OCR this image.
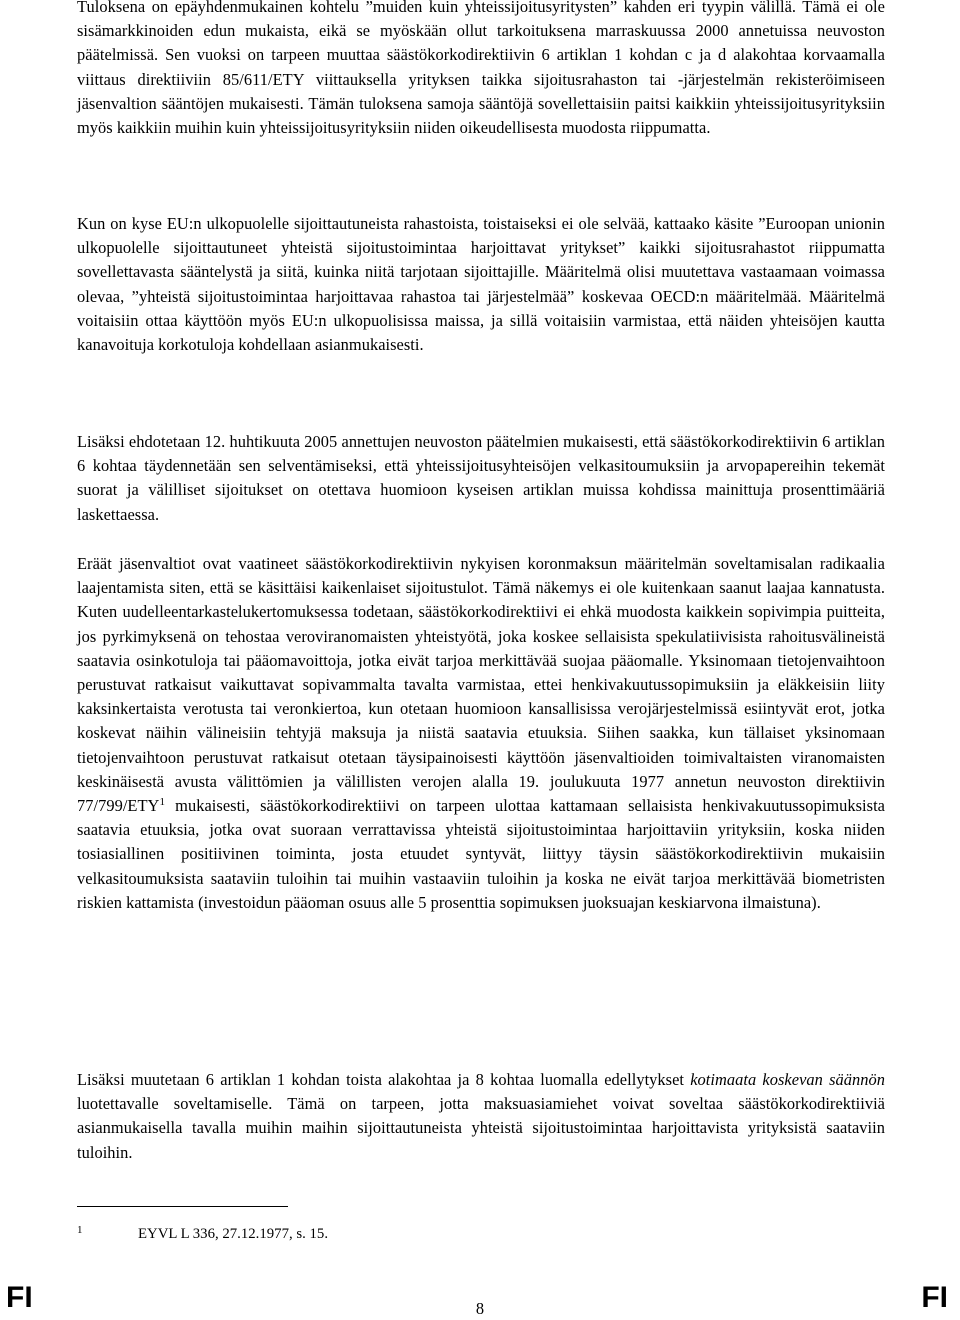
Tuloksena on epäyhdenmukainen kohtelu ”muiden kuin yhteissijoitusyritysten” kahden eri tyypin välillä. Tämä ei ole sisämarkkinoiden edun mukaista, eikä se myöskään ollut tarkoituksena marraskuussa 2000 annetuissa neuvoston päätelmissä. Sen vuoksi on tarpeen muuttaa säästökorkodirektiivin 6 artiklan 1 kohdan c ja d alakohtaa korvaamalla viittaus direktiiviin 85/611/ETY viittauksella yrityksen taikka sijoitusrahaston tai -järjestelmän rekisteröimiseen jäsenvaltion sääntöjen mukaisesti. Tämän tuloksena samoja sääntöjä sovellettaisiin paitsi kaikkiin yhteissijoitusyrityksiin myös kaikkiin muihin kuin yhteissijoitusyrityksiin niiden oikeudellisesta muodosta riippumatta.

Kun on kyse EU:n ulkopuolelle sijoittautuneista rahastoista, toistaiseksi ei ole selvää, kattaako käsite ”Euroopan unionin ulkopuolelle sijoittautuneet yhteistä sijoitustoimintaa harjoittavat yritykset” kaikki sijoitusrahastot riippumatta sovellettavasta sääntelystä ja siitä, kuinka niitä tarjotaan sijoittajille. Määritelmä olisi muutettava vastaamaan voimassa olevaa, ”yhteistä sijoitustoimintaa harjoittavaa rahastoa tai järjestelmää” koskevaa OECD:n määritelmää. Määritelmä voitaisiin ottaa käyttöön myös EU:n ulkopuolisissa maissa, ja sillä voitaisiin varmistaa, että näiden yhteisöjen kautta kanavoituja korkotuloja kohdellaan asianmukaisesti.

Lisäksi ehdotetaan 12. huhtikuuta 2005 annettujen neuvoston päätelmien mukaisesti, että säästökorkodirektiivin 6 artiklan 6 kohtaa täydennetään sen selventämiseksi, että yhteissijoitusyhteisöjen velkasitoumuksiin ja arvopapereihin tekemät suorat ja välilliset sijoitukset on otettava huomioon kyseisen artiklan muissa kohdissa mainittuja prosenttimääriä laskettaessa.

Eräät jäsenvaltiot ovat vaatineet säästökorkodirektiivin nykyisen koronmaksun määritelmän soveltamisalan radikaalia laajentamista siten, että se käsittäisi kaikenlaiset sijoitustulot. Tämä näkemys ei ole kuitenkaan saanut laajaa kannatusta. Kuten uudelleentarkastelukertomuksessa todetaan, säästökorkodirektiivi ei ehkä muodosta kaikkein sopivimpia puitteita, jos pyrkimyksenä on tehostaa veroviranomaisten yhteistyötä, joka koskee sellaisista spekulatiivisista rahoitusvälineistä saatavia osinkotuloja tai pääomavoittoja, jotka eivät tarjoa merkittävää suojaa pääomalle. Yksinomaan tietojenvaihtoon perustuvat ratkaisut vaikuttavat sopivammalta tavalta varmistaa, ettei henkivakuutussopimuksiin ja eläkkeisiin liity kaksinkertaista verotusta tai veronkiertoa, kun otetaan huomioon kansallisissa verojärjestelmissä esiintyvät erot, jotka koskevat näihin välineisiin tehtyjä maksuja ja niistä saatavia etuuksia. Siihen saakka, kun tällaiset yksinomaan tietojenvaihtoon perustuvat ratkaisut otetaan täysipainoisesti käyttöön jäsenvaltioiden toimivaltaisten viranomaisten keskinäisestä avusta välittömien ja välillisten verojen alalla 19. joulukuuta 1977 annetun neuvoston direktiivin 77/799/ETY$^1$ mukaisesti, säästökorkodirektiivi on tarpeen ulottaa kattamaan sellaisista henkivakuutussopimuksista saatavia etuuksia, jotka ovat suoraan verrattavissa yhteistä sijoitustoimintaa harjoittaviin yrityksiin, koska niiden tosiasiallinen positiivinen toiminta, josta etuudet syntyvät, liittyy täysin säästökorkodirektiivin mukaisiin velkasitoumuksista saataviin tuloihin tai muihin vastaaviin tuloihin ja koska ne eivät tarjoa merkittävää biometristen riskien kattamista (investoidun pääoman osuus alle 5 prosenttia sopimuksen juoksuajan keskiarvona ilmaistuna).

Lisäksi muutetaan 6 artiklan 1 kohdan toista alakohtaa ja 8 kohtaa luomalla edellytykset kotimaata koskevan säännön luotettavalle soveltamiselle. Tämä on tarpeen, jotta maksuasiamiehet voivat soveltaa säästökorkodirektiiviä asianmukaisella tavalla muihin maihin sijoittautuneista yhteistä sijoitustoimintaa harjoittavista yrityksistä saataviin tuloihin.

1	EYVL L 336, 27.12.1977, s. 15.
FI	8	FI
